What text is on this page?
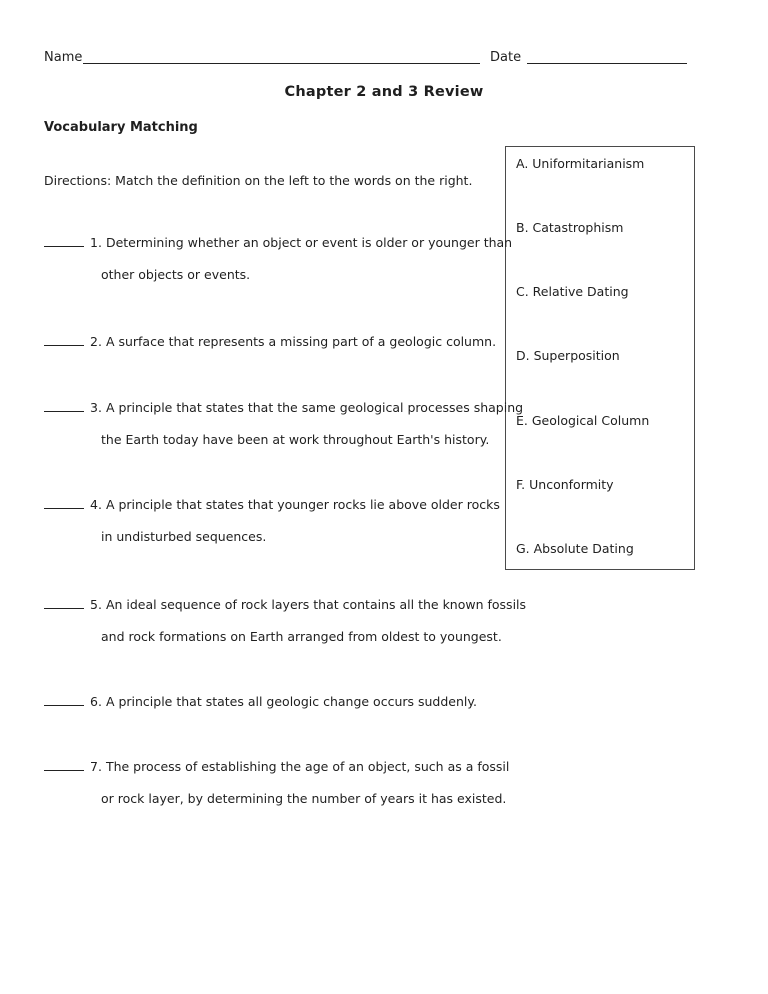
Name	Date
Chapter 2 and 3 Review
Vocabulary Matching
Directions: Match the definition on the left to the words on the right.
A. Uniformitarianism
B. Catastrophism
C. Relative Dating
D. Superposition
E. Geological Column
F. Unconformity
G. Absolute Dating
1. Determining whether an object or event is older or younger than
other objects or events.
2. A surface that represents a missing part of a geologic column.
3. A principle that states that the same geological processes shaping
the Earth today have been at work throughout Earth's history.
4. A principle that states that younger rocks lie above older rocks
in undisturbed sequences.
5. An ideal sequence of rock layers that contains all the known fossils
and rock formations on Earth arranged from oldest to youngest.
6. A principle that states all geologic change occurs suddenly.
7. The process of establishing the age of an object, such as a fossil
or rock layer, by determining the number of years it has existed.
